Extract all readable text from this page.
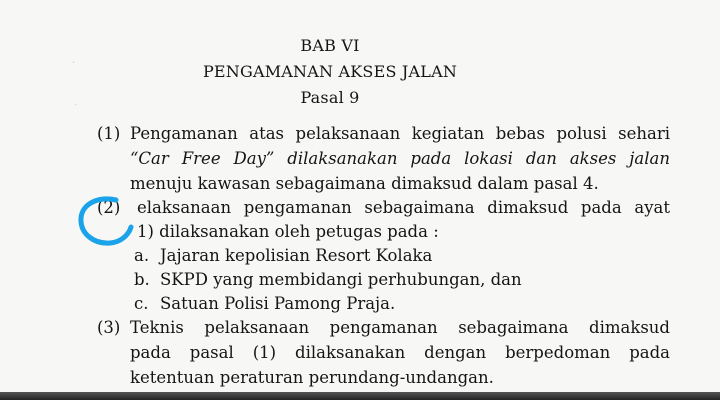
BAB VI
PENGAMANAN AKSES JALAN
Pasal 9
·
·
(1) Pengamanan atas pelaksanaan kegiatan bebas polusi sehari
“Car Free Day” dilaksanakan pada lokasi dan akses jalan
menuju kawasan sebagaimana dimaksud dalam pasal 4.
(2) elaksanaan pengamanan sebagaimana dimaksud pada ayat
1) dilaksanakan oleh petugas pada :
a. Jajaran kepolisian Resort Kolaka
b. SKPD yang membidangi perhubungan, dan
c. Satuan Polisi Pamong Praja.
(3) Teknis pelaksanaan pengamanan sebagaimana dimaksud
pada pasal (1) dilaksanakan dengan berpedoman pada
ketentuan peraturan perundang-undangan.
